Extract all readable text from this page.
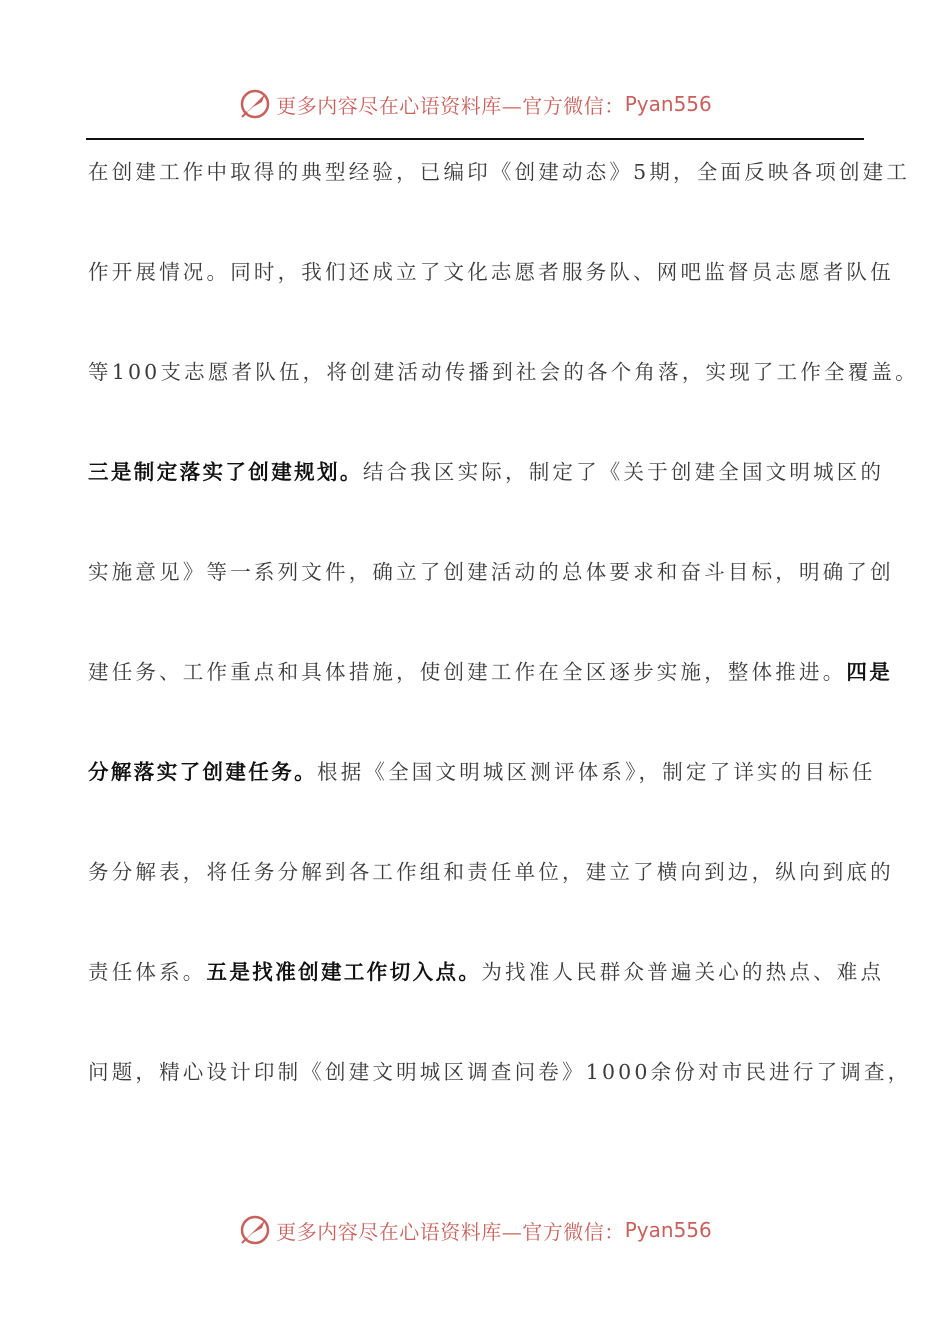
更多内容尽在心语资料库—官方微信： Pyan556
在创建工作中取得的典型经验，已编印《创建动态》5期，全面反映各项创建工
作开展情况。同时，我们还成立了文化志愿者服务队、网吧监督员志愿者队伍
等100支志愿者队伍，将创建活动传播到社会的各个角落，实现了工作全覆盖。
三是制定落实了创建规划。结合我区实际，制定了《关于创建全国文明城区的
实施意见》等一系列文件，确立了创建活动的总体要求和奋斗目标，明确了创
建任务、工作重点和具体措施，使创建工作在全区逐步实施，整体推进。四是
分解落实了创建任务。根据《全国文明城区测评体系》，制定了详实的目标任
务分解表，将任务分解到各工作组和责任单位，建立了横向到边，纵向到底的
责任体系。五是找准创建工作切入点。为找准人民群众普遍关心的热点、难点
问题，精心设计印制《创建文明城区调查问卷》1000余份对市民进行了调查，
更多内容尽在心语资料库—官方微信： Pyan556
